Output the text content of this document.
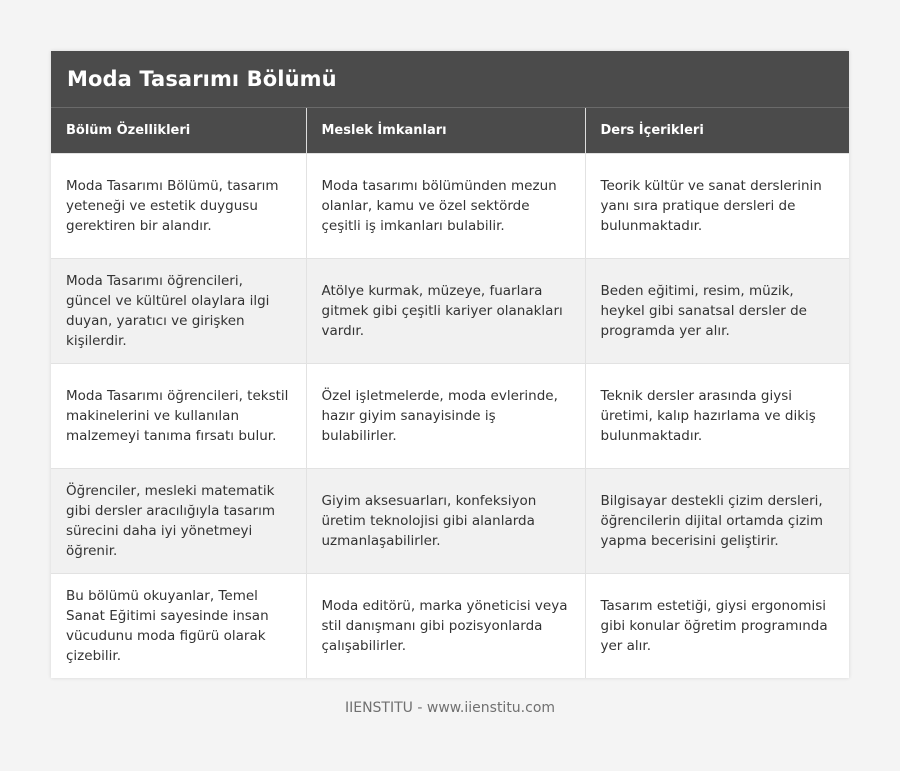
Moda Tasarımı Bölümü
Bölüm Özellikleri	Meslek İmkanları	Ders İçerikleri
Moda Tasarımı Bölümü, tasarım yeteneği ve estetik duygusu gerektiren bir alandır.	Moda tasarımı bölümünden mezun olanlar, kamu ve özel sektörde çeşitli iş imkanları bulabilir.	Teorik kültür ve sanat derslerinin yanı sıra pratique dersleri de bulunmaktadır.
Moda Tasarımı öğrencileri, güncel ve kültürel olaylara ilgi duyan, yaratıcı ve girişken kişilerdir.	Atölye kurmak, müzeye, fuarlara gitmek gibi çeşitli kariyer olanakları vardır.	Beden eğitimi, resim, müzik, heykel gibi sanatsal dersler de programda yer alır.
Moda Tasarımı öğrencileri, tekstil makinelerini ve kullanılan malzemeyi tanıma fırsatı bulur.	Özel işletmelerde, moda evlerinde, hazır giyim sanayisinde iş bulabilirler.	Teknik dersler arasında giysi üretimi, kalıp hazırlama ve dikiş bulunmaktadır.
Öğrenciler, mesleki matematik gibi dersler aracılığıyla tasarım sürecini daha iyi yönetmeyi öğrenir.	Giyim aksesuarları, konfeksiyon üretim teknolojisi gibi alanlarda uzmanlaşabilirler.	Bilgisayar destekli çizim dersleri, öğrencilerin dijital ortamda çizim yapma becerisini geliştirir.
Bu bölümü okuyanlar, Temel Sanat Eğitimi sayesinde insan vücudunu moda figürü olarak çizebilir.	Moda editörü, marka yöneticisi veya stil danışmanı gibi pozisyonlarda çalışabilirler.	Tasarım estetiği, giysi ergonomisi gibi konular öğretim programında yer alır.
IIENSTITU - www.iienstitu.com
